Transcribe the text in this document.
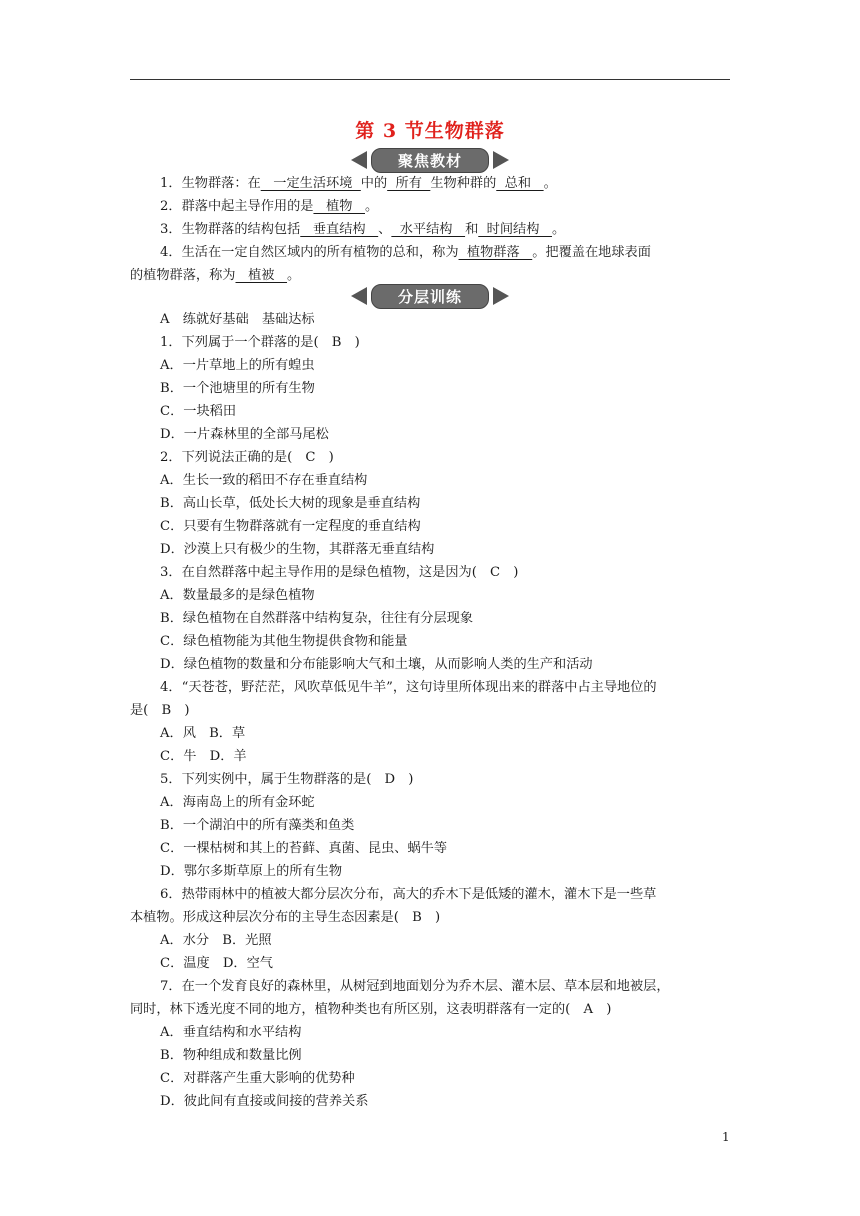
第 3 节生物群落
聚焦教材
1．生物群落：在   一定生活环境  中的  所有  生物种群的  总和   。
2．群落中起主导作用的是   植物   。
3．生物群落的结构包括   垂直结构   、  水平结构   和  时间结构   。
4．生活在一定自然区域内的所有植物的总和，称为  植物群落   。把覆盖在地球表面
的植物群落，称为   植被   。
分层训练
A　练就好基础　基础达标
1．下列属于一个群落的是(　B　)
A．一片草地上的所有蝗虫
B．一个池塘里的所有生物
C．一块稻田
D．一片森林里的全部马尾松
2．下列说法正确的是(　C　)
A．生长一致的稻田不存在垂直结构
B．高山长草，低处长大树的现象是垂直结构
C．只要有生物群落就有一定程度的垂直结构
D．沙漠上只有极少的生物，其群落无垂直结构
3．在自然群落中起主导作用的是绿色植物，这是因为(　C　)
A．数量最多的是绿色植物
B．绿色植物在自然群落中结构复杂，往往有分层现象
C．绿色植物能为其他生物提供食物和能量
D．绿色植物的数量和分布能影响大气和土壤，从而影响人类的生产和活动
4．“天苍苍，野茫茫，风吹草低见牛羊”，这句诗里所体现出来的群落中占主导地位的
是(　B　)
A．风　B．草
C．牛　D．羊
5．下列实例中，属于生物群落的是(　D　)
A．海南岛上的所有金环蛇
B．一个湖泊中的所有藻类和鱼类
C．一棵枯树和其上的苔藓、真菌、昆虫、蜗牛等
D．鄂尔多斯草原上的所有生物
6．热带雨林中的植被大都分层次分布，高大的乔木下是低矮的灌木，灌木下是一些草
本植物。形成这种层次分布的主导生态因素是(　B　)
A．水分　B．光照
C．温度　D．空气
7．在一个发育良好的森林里，从树冠到地面划分为乔木层、灌木层、草本层和地被层，
同时，林下透光度不同的地方，植物种类也有所区别，这表明群落有一定的(　A　)
A．垂直结构和水平结构
B．物种组成和数量比例
C．对群落产生重大影响的优势种
D．彼此间有直接或间接的营养关系
1
